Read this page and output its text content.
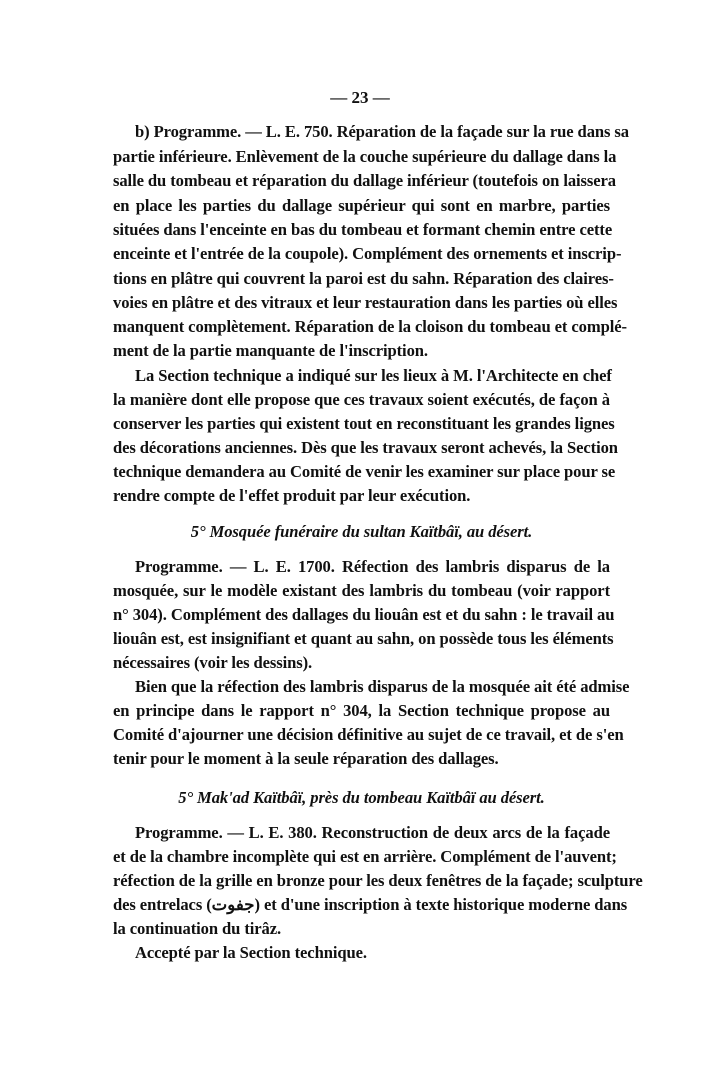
— 23 —
b) Programme. — L. E. 750. Réparation de la façade sur la rue dans sa
partie inférieure. Enlèvement de la couche supérieure du dallage dans la
salle du tombeau et réparation du dallage inférieur (toutefois on laissera
en place les parties du dallage supérieur qui sont en marbre, parties
situées dans l'enceinte en bas du tombeau et formant chemin entre cette
enceinte et l'entrée de la coupole). Complément des ornements et inscrip-
tions en plâtre qui couvrent la paroi est du sahn. Réparation des claires-
voies en plâtre et des vitraux et leur restauration dans les parties où elles
manquent complètement. Réparation de la cloison du tombeau et complé-
ment de la partie manquante de l'inscription.
La Section technique a indiqué sur les lieux à M. l'Architecte en chef
la manière dont elle propose que ces travaux soient exécutés, de façon à
conserver les parties qui existent tout en reconstituant les grandes lignes
des décorations anciennes. Dès que les travaux seront achevés, la Section
technique demandera au Comité de venir les examiner sur place pour se
rendre compte de l'effet produit par leur exécution.
5° Mosquée funéraire du sultan Kaïtbâï, au désert.
Programme. — L. E. 1700. Réfection des lambris disparus de la
mosquée, sur le modèle existant des lambris du tombeau (voir rapport
n° 304). Complément des dallages du liouân est et du sahn : le travail au
liouân est, est insignifiant et quant au sahn, on possède tous les éléments
nécessaires (voir les dessins).
Bien que la réfection des lambris disparus de la mosquée ait été admise
en principe dans le rapport n° 304, la Section technique propose au
Comité d'ajourner une décision définitive au sujet de ce travail, et de s'en
tenir pour le moment à la seule réparation des dallages.
5° Mak'ad Kaïtbâï, près du tombeau Kaïtbâï au désert.
Programme. — L. E. 380. Reconstruction de deux arcs de la façade
et de la chambre incomplète qui est en arrière. Complément de l'auvent;
réfection de la grille en bronze pour les deux fenêtres de la façade; sculpture
des entrelacs (جفوت) et d'une inscription à texte historique moderne dans
la continuation du tirâz.
Accepté par la Section technique.
